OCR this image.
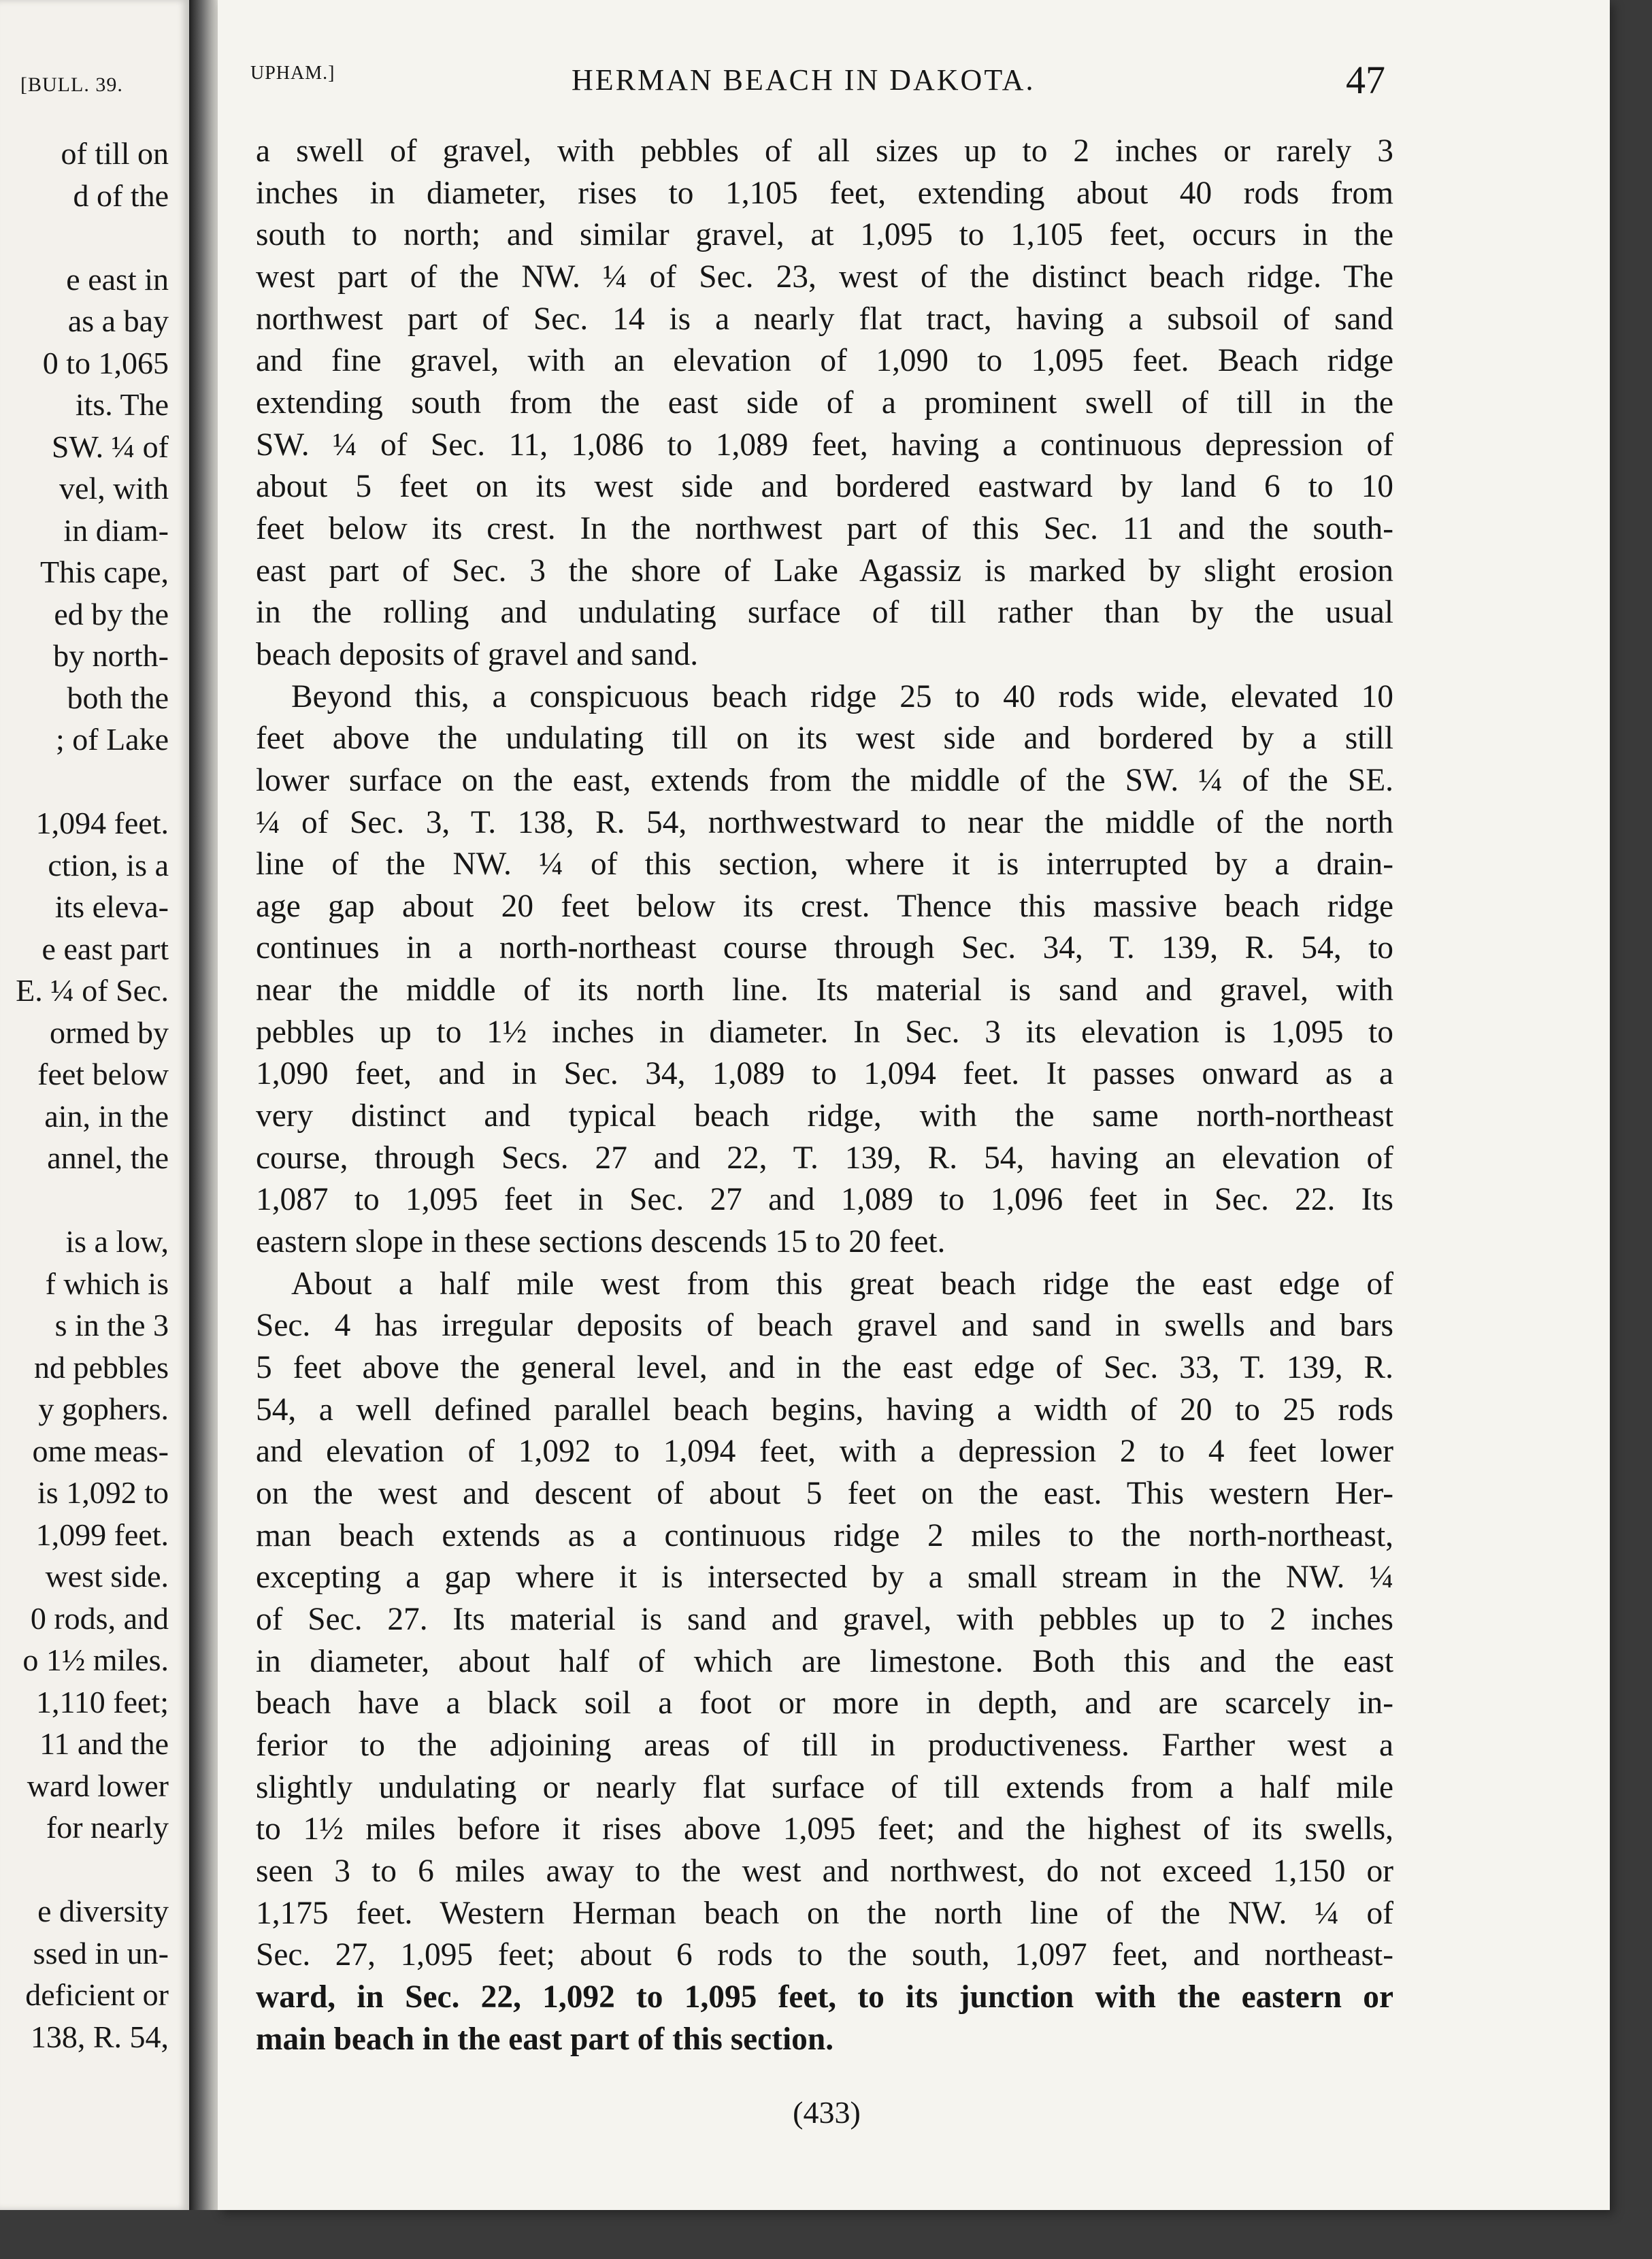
[BULL. 39.
of till on
d of the
e east in
as a bay
0 to 1,065
its. The
SW. ¼ of
vel, with
in diam-
This cape,
ed by the
by north-
both the
; of Lake
1,094 feet.
ction, is a
its eleva-
e east part
E. ¼ of Sec.
ormed by
feet below
ain, in the
annel, the
is a low,
f which is
s in the 3
nd pebbles
y gophers.
ome meas-
is 1,092 to
1,099 feet.
west side.
0 rods, and
o 1½ miles.
1,110 feet;
11 and the
ward lower
for nearly
e diversity
ssed in un-
deficient or
138, R. 54,
UPHAM.]	HERMAN BEACH IN DAKOTA.	47
a swell of gravel, with pebbles of all sizes up to 2 inches or rarely 3
inches in diameter, rises to 1,105 feet, extending about 40 rods from
south to north; and similar gravel, at 1,095 to 1,105 feet, occurs in the
west part of the NW. ¼ of Sec. 23, west of the distinct beach ridge. The
northwest part of Sec. 14 is a nearly flat tract, having a subsoil of sand
and fine gravel, with an elevation of 1,090 to 1,095 feet. Beach ridge
extending south from the east side of a prominent swell of till in the
SW. ¼ of Sec. 11, 1,086 to 1,089 feet, having a continuous depression of
about 5 feet on its west side and bordered eastward by land 6 to 10
feet below its crest. In the northwest part of this Sec. 11 and the south-
east part of Sec. 3 the shore of Lake Agassiz is marked by slight erosion
in the rolling and undulating surface of till rather than by the usual
beach deposits of gravel and sand.
Beyond this, a conspicuous beach ridge 25 to 40 rods wide, elevated 10
feet above the undulating till on its west side and bordered by a still
lower surface on the east, extends from the middle of the SW. ¼ of the SE.
¼ of Sec. 3, T. 138, R. 54, northwestward to near the middle of the north
line of the NW. ¼ of this section, where it is interrupted by a drain-
age gap about 20 feet below its crest. Thence this massive beach ridge
continues in a north-northeast course through Sec. 34, T. 139, R. 54, to
near the middle of its north line. Its material is sand and gravel, with
pebbles up to 1½ inches in diameter. In Sec. 3 its elevation is 1,095 to
1,090 feet, and in Sec. 34, 1,089 to 1,094 feet. It passes onward as a
very distinct and typical beach ridge, with the same north-northeast
course, through Secs. 27 and 22, T. 139, R. 54, having an elevation of
1,087 to 1,095 feet in Sec. 27 and 1,089 to 1,096 feet in Sec. 22. Its
eastern slope in these sections descends 15 to 20 feet.
About a half mile west from this great beach ridge the east edge of
Sec. 4 has irregular deposits of beach gravel and sand in swells and bars
5 feet above the general level, and in the east edge of Sec. 33, T. 139, R.
54, a well defined parallel beach begins, having a width of 20 to 25 rods
and elevation of 1,092 to 1,094 feet, with a depression 2 to 4 feet lower
on the west and descent of about 5 feet on the east. This western Her-
man beach extends as a continuous ridge 2 miles to the north-northeast,
excepting a gap where it is intersected by a small stream in the NW. ¼
of Sec. 27. Its material is sand and gravel, with pebbles up to 2 inches
in diameter, about half of which are limestone. Both this and the east
beach have a black soil a foot or more in depth, and are scarcely in-
ferior to the adjoining areas of till in productiveness. Farther west a
slightly undulating or nearly flat surface of till extends from a half mile
to 1½ miles before it rises above 1,095 feet; and the highest of its swells,
seen 3 to 6 miles away to the west and northwest, do not exceed 1,150 or
1,175 feet. Western Herman beach on the north line of the NW. ¼ of
Sec. 27, 1,095 feet; about 6 rods to the south, 1,097 feet, and northeast-
ward, in Sec. 22, 1,092 to 1,095 feet, to its junction with the eastern or
main beach in the east part of this section.
(433)
